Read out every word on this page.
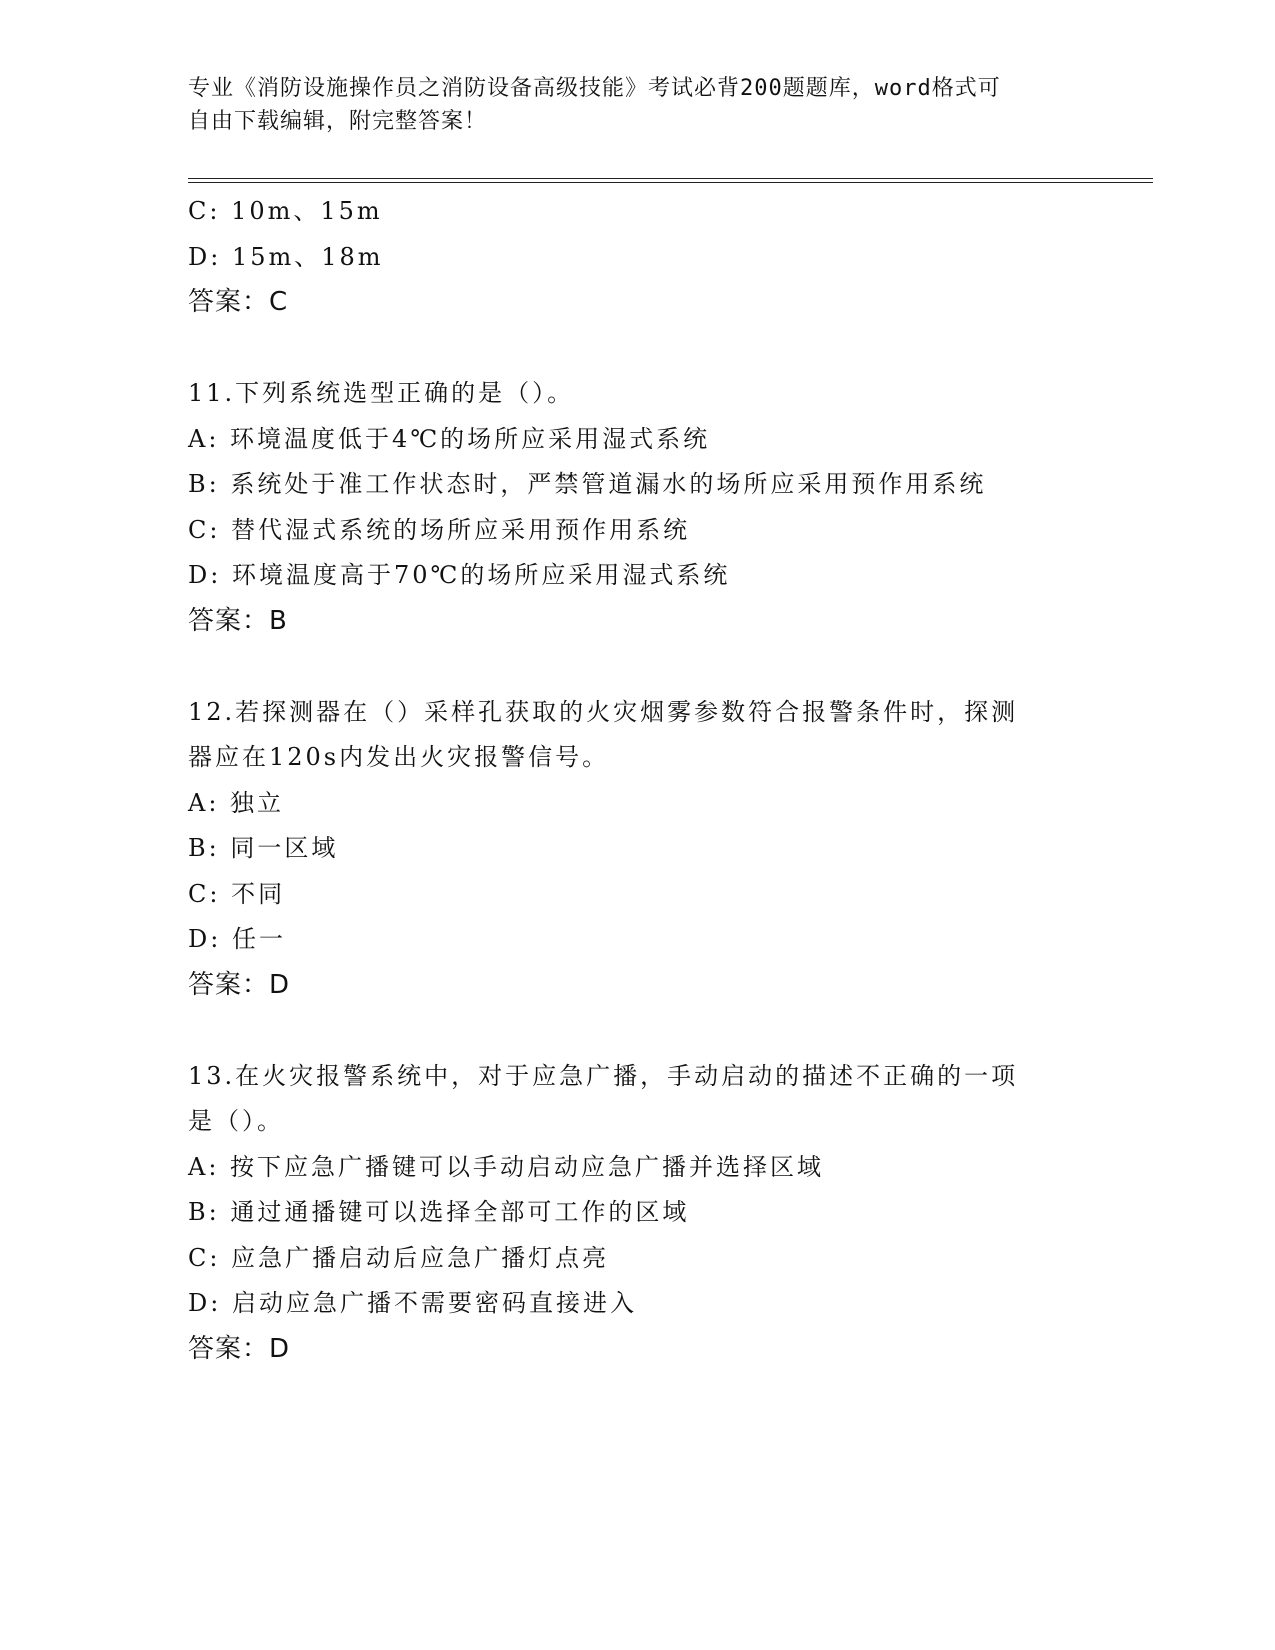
专业《消防设施操作员之消防设备高级技能》考试必背200题题库，word格式可
自由下载编辑，附完整答案！
C: 10m、15m
D: 15m、18m
答案：C
11.下列系统选型正确的是（）。
A: 环境温度低于4℃的场所应采用湿式系统
B: 系统处于准工作状态时，严禁管道漏水的场所应采用预作用系统
C: 替代湿式系统的场所应采用预作用系统
D: 环境温度高于70℃的场所应采用湿式系统
答案：B
12.若探测器在（）采样孔获取的火灾烟雾参数符合报警条件时，探测
器应在120s内发出火灾报警信号。
A: 独立
B: 同一区域
C: 不同
D: 任一
答案：D
13.在火灾报警系统中，对于应急广播，手动启动的描述不正确的一项
是（）。
A: 按下应急广播键可以手动启动应急广播并选择区域
B: 通过通播键可以选择全部可工作的区域
C: 应急广播启动后应急广播灯点亮
D: 启动应急广播不需要密码直接进入
答案：D
